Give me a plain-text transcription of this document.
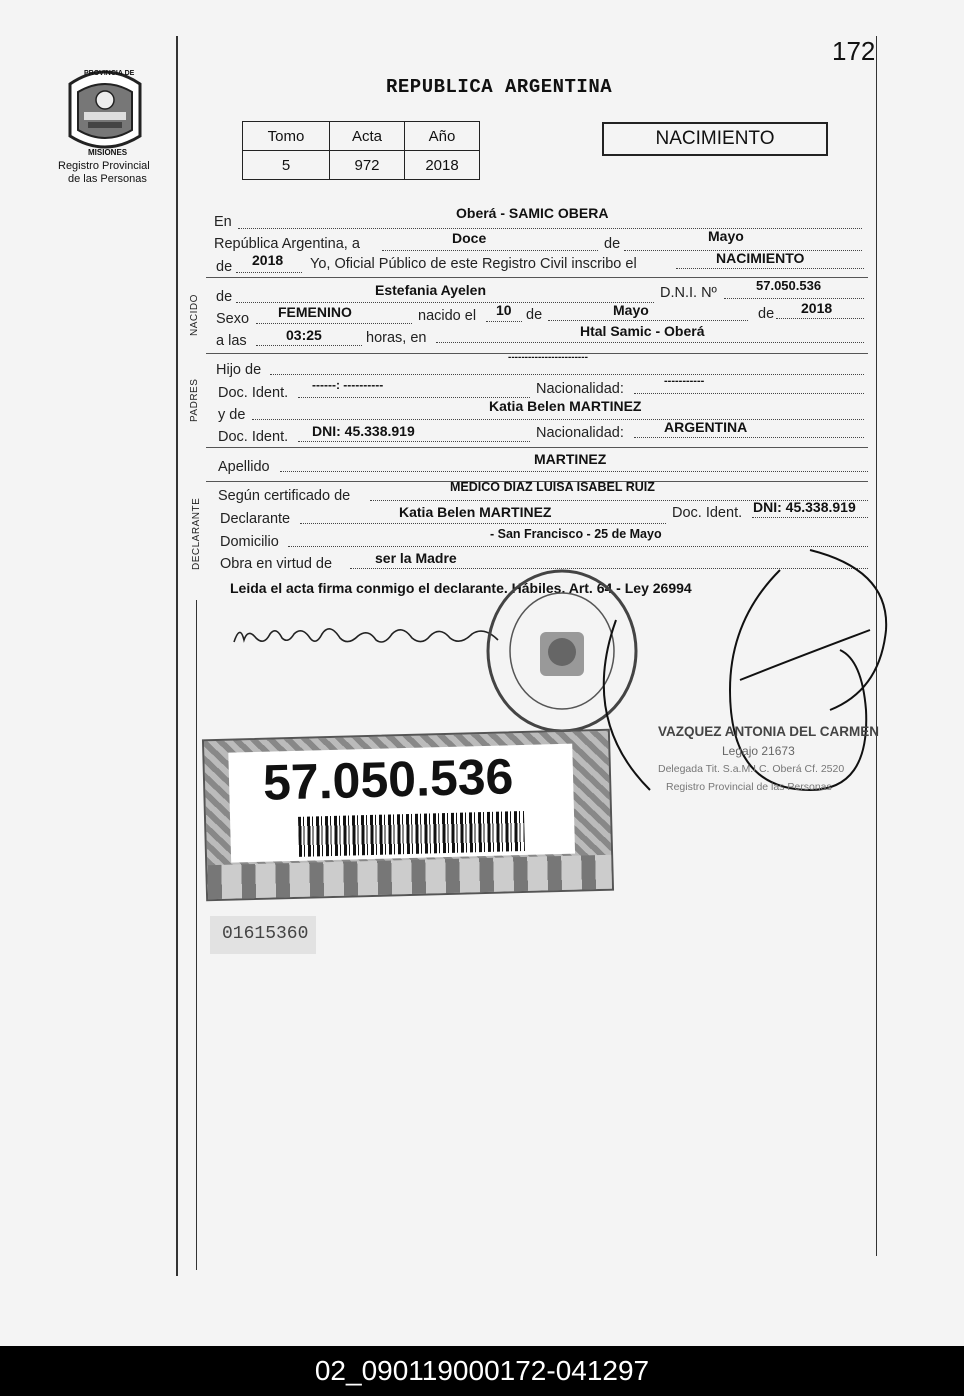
172
PROVINCIA DE
MISIONES
Registro Provincial
de las Personas
REPUBLICA ARGENTINA
Tomo	Acta	Año
5	972	2018
NACIMIENTO
En
Oberá - SAMIC OBERA
República Argentina, a	Doce	de	Mayo
de 2018 Yo, Oficial Público de este Registro Civil inscribo el	NACIMIENTO
NACIDO de	Estefania Ayelen	D.N.I. Nº	57.050.536
Sexo FEMENINO	nacido el 10 de	Mayo	de 2018
a las	03:25	horas, en	Htal Samic - Oberá
PADRES
Hijo de
------------------------
Doc. Ident. ------: ----------	Nacionalidad:	-----------
y de
Katia Belen MARTINEZ
Doc. Ident. DNI: 45.338.919	Nacionalidad:	ARGENTINA
Apellido	MARTINEZ
DECLARANTE
Según certificado de
MEDICO DIAZ LUISA ISABEL RUIZ
Declarante	Katia Belen MARTINEZ	Doc. Ident. DNI: 45.338.919
Domicilio	- San Francisco - 25 de Mayo
Obra en virtud de	ser la Madre
Leida el acta firma conmigo el declarante. Hábiles. Art. 64 - Ley 26994
VAZQUEZ ANTONIA DEL CARMEN
Legajo 21673
Delegada Tit. S.a.M.I.C. Oberá Cf. 2520
Registro Provincial de las Personas
57.050.536
01615360
02_090119000172-041297
